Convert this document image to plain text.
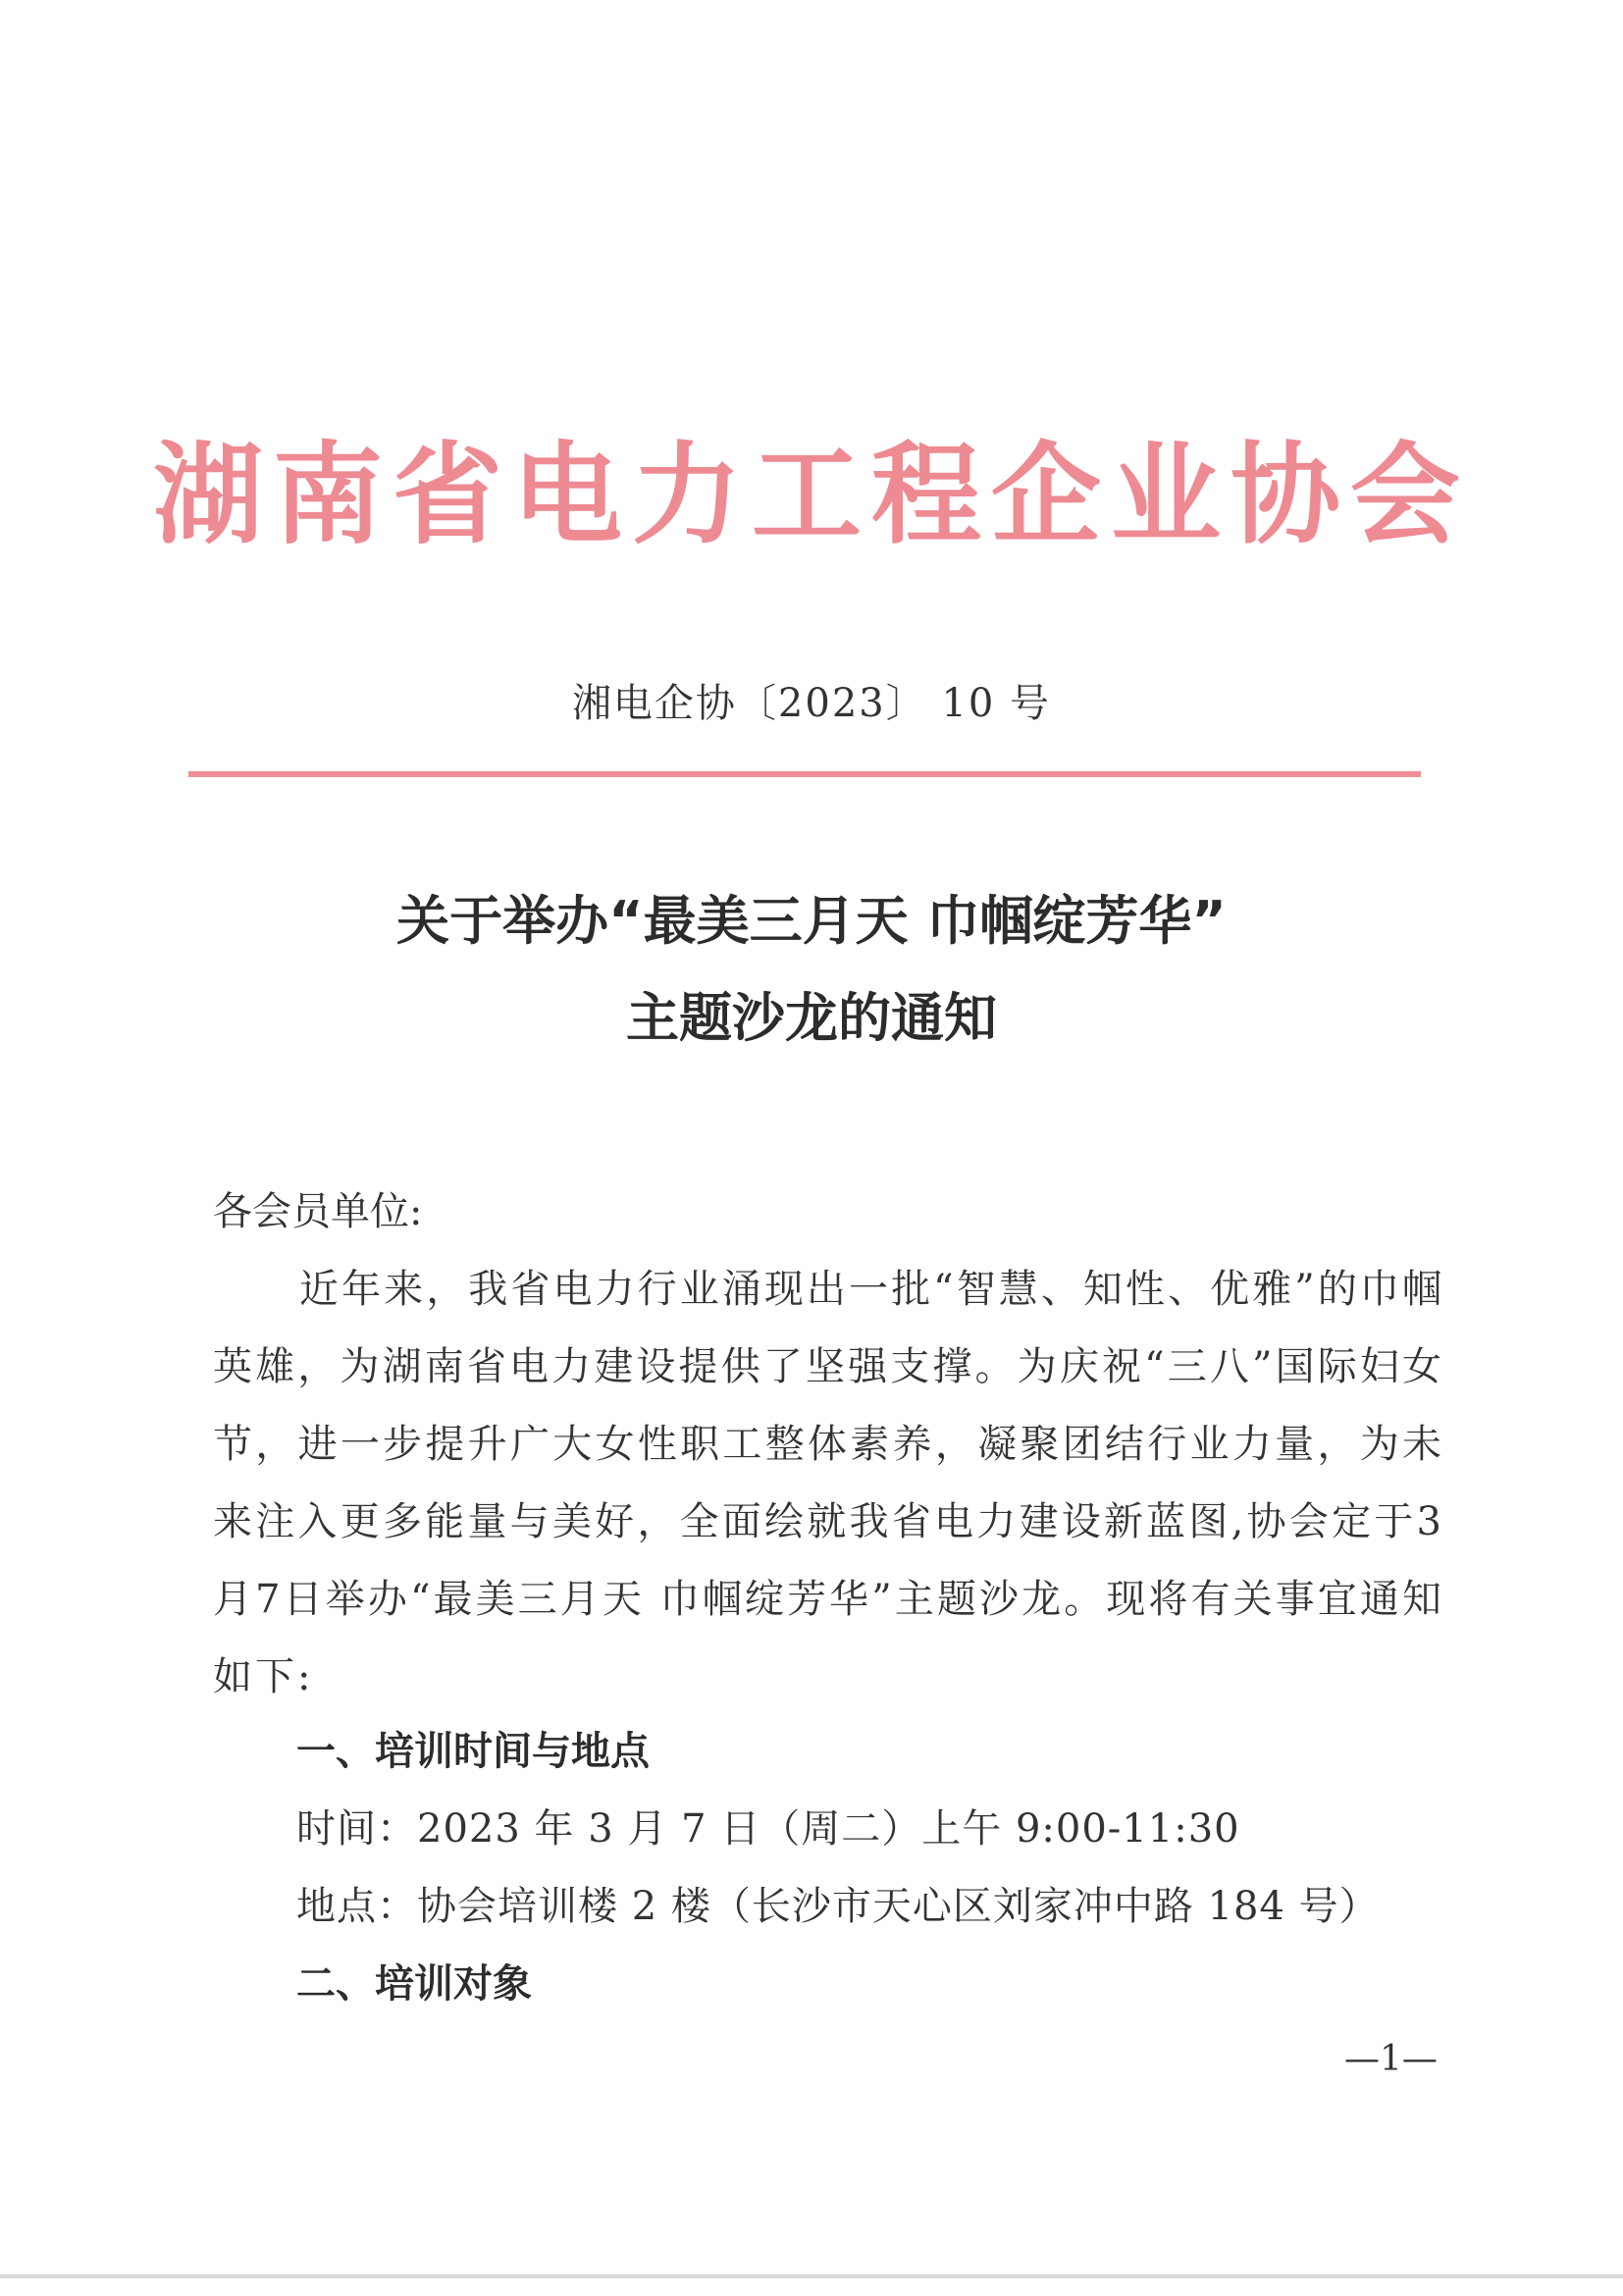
湖南省电力工程企业协会
湘电企协〔2023〕 10 号
关于举办“最美三月天 巾帼绽芳华”
主题沙龙的通知
各会员单位:
近年来，我省电力行业涌现出一批“智慧、知性、优雅”的巾帼英雄，为湖南省电力建设提供了坚强支撑。为庆祝“三八”国际妇女节，进一步提升广大女性职工整体素养，凝聚团结行业力量，为未来注入更多能量与美好，全面绘就我省电力建设新蓝图,协会定于3月7日举办“最美三月天 巾帼绽芳华”主题沙龙。现将有关事宜通知如下:
一、培训时间与地点
时间：2023 年 3 月 7 日（周二）上午 9:00-11:30
地点：协会培训楼 2 楼（长沙市天心区刘家冲中路 184 号）
二、培训对象
—1—
